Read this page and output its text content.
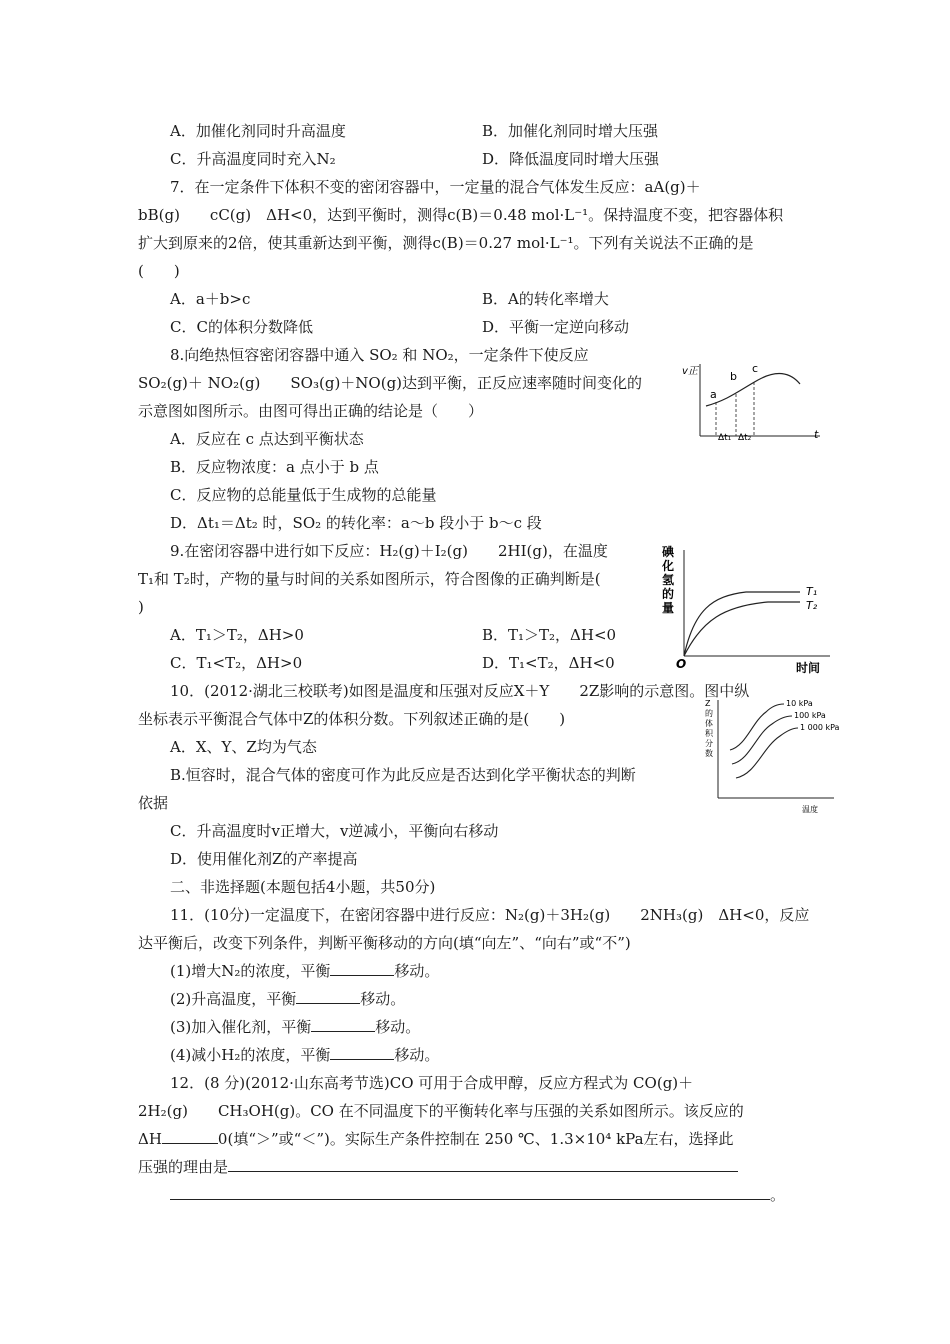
A．加催化剂同时升高温度	B．加催化剂同时增大压强
C．升高温度同时充入N₂	D．降低温度同时增大压强
7．在一定条件下体积不变的密闭容器中，一定量的混合气体发生反应：aA(g)＋
bB(g)　　cC(g)　ΔH<0，达到平衡时，测得c(B)＝0.48 mol·L⁻¹。保持温度不变，把容器体积
扩大到原来的2倍，使其重新达到平衡，测得c(B)＝0.27 mol·L⁻¹。下列有关说法不正确的是
(　　)
A．a＋b>c	B．A的转化率增大
C．C的体积分数降低	D．平衡一定逆向移动
8.向绝热恒容密闭容器中通入 SO₂ 和 NO₂，一定条件下使反应
SO₂(g)＋ NO₂(g)　　SO₃(g)＋NO(g)达到平衡，正反应速率随时间变化的
示意图如图所示。由图可得出正确的结论是（　　）
A．反应在 c 点达到平衡状态
B．反应物浓度：a 点小于 b 点
C．反应物的总能量低于生成物的总能量
D．Δt₁＝Δt₂ 时，SO₂ 的转化率：a～b 段小于 b～c 段
v正
a
b
c
Δt₁ Δt₂	t
9.在密闭容器中进行如下反应：H₂(g)＋I₂(g)　　2HI(g)，在温度
T₁和 T₂时，产物的量与时间的关系如图所示，符合图像的正确判断是(
)
A．T₁＞T₂，ΔH>0	B．T₁＞T₂，ΔH<0
C．T₁<T₂，ΔH>0	D．T₁<T₂，ΔH<0
碘 化 氢 的 量
O	时间
T₁
T₂
10．(2012·湖北三校联考)如图是温度和压强对反应X＋Y　　2Z影响的示意图。图中纵
坐标表示平衡混合气体中Z的体积分数。下列叙述正确的是(　　)
A．X、Y、Z均为气态
B.恒容时，混合气体的密度可作为此反应是否达到化学平衡状态的判断
依据
C．升高温度时v正增大，v逆减小，平衡向右移动
D．使用催化剂Z的产率提高
Z 的 体 积 分 数
10 kPa
100 kPa
1 000 kPa
温度
二、非选择题(本题包括4小题，共50分)
11．(10分)一定温度下，在密闭容器中进行反应：N₂(g)＋3H₂(g)　　2NH₃(g)　ΔH<0，反应
达平衡后，改变下列条件，判断平衡移动的方向(填“向左”、“向右”或“不”)
(1)增大N₂的浓度，平衡	移动。
(2)升高温度，平衡	移动。
(3)加入催化剂，平衡	移动。
(4)减小H₂的浓度，平衡	移动。
12．(8 分)(2012·山东高考节选)CO 可用于合成甲醇，反应方程式为 CO(g)＋
2H₂(g)　　CH₃OH(g)。CO 在不同温度下的平衡转化率与压强的关系如图所示。该反应的
ΔH	0(填“＞”或“＜”)。实际生产条件控制在 250 ℃、1.3×10⁴ kPa左右，选择此
压强的理由是
。
